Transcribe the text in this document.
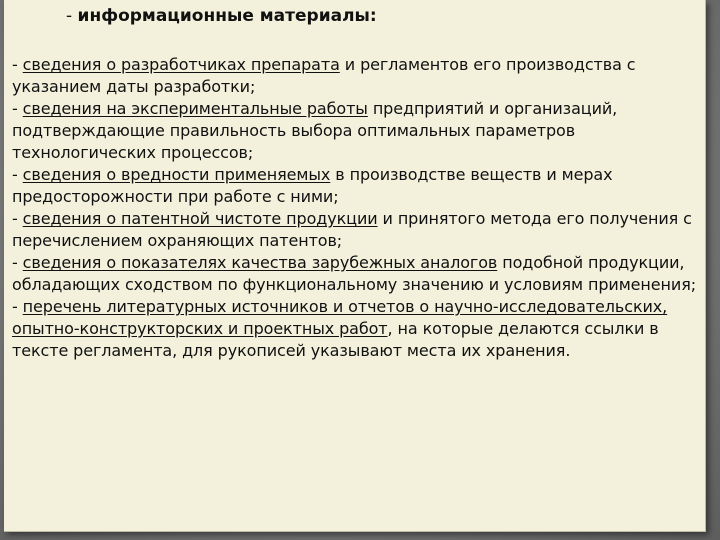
- информационные материалы:

- сведения о разработчиках препарата и регламентов его производства с указанием даты разработки;

- сведения на экспериментальные работы предприятий и организаций, подтверждающие правильность выбора оптимальных параметров технологических процессов;

- сведения о вредности применяемых в производстве веществ и мерах предосторожности при работе с ними;

- сведения о патентной чистоте продукции и принятого метода его получения с перечислением охраняющих патентов;

- сведения о показателях качества зарубежных аналогов подобной продукции, обладающих сходством по функциональному значению и условиям применения;

- перечень литературных источников и отчетов о научно-исследовательских, опытно-конструкторских и проектных работ, на которые делаются ссылки в тексте регламента, для рукописей указывают места их хранения.
